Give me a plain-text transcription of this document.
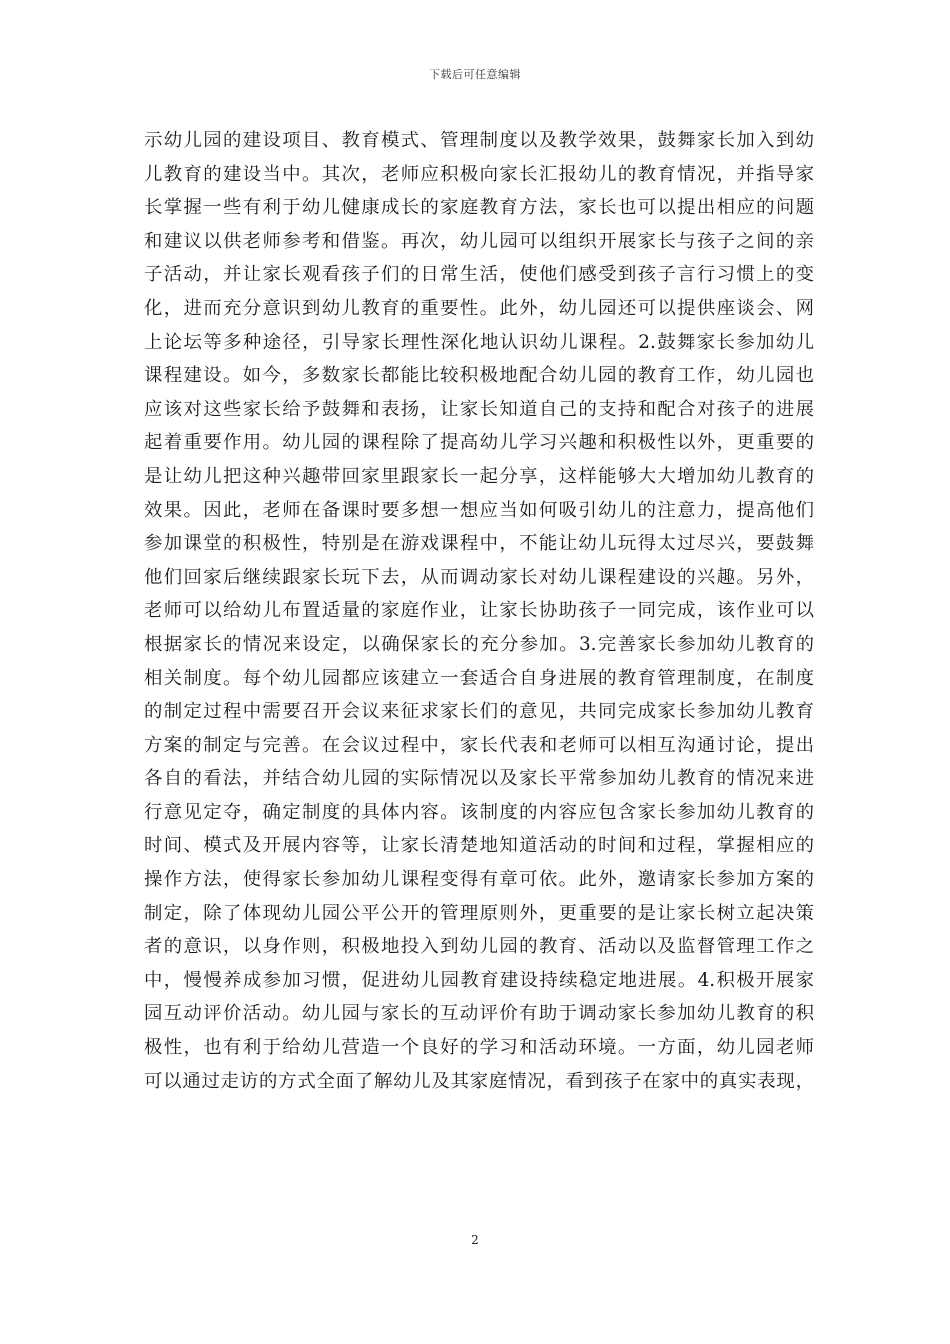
下载后可任意编辑
示幼儿园的建设项目、教育模式、管理制度以及教学效果，鼓舞家长加入到幼
儿教育的建设当中。其次，老师应积极向家长汇报幼儿的教育情况，并指导家
长掌握一些有利于幼儿健康成长的家庭教育方法，家长也可以提出相应的问题
和建议以供老师参考和借鉴。再次，幼儿园可以组织开展家长与孩子之间的亲
子活动，并让家长观看孩子们的日常生活，使他们感受到孩子言行习惯上的变
化，进而充分意识到幼儿教育的重要性。此外，幼儿园还可以提供座谈会、网
上论坛等多种途径，引导家长理性深化地认识幼儿课程。2.鼓舞家长参加幼儿
课程建设。如今，多数家长都能比较积极地配合幼儿园的教育工作，幼儿园也
应该对这些家长给予鼓舞和表扬，让家长知道自己的支持和配合对孩子的进展
起着重要作用。幼儿园的课程除了提高幼儿学习兴趣和积极性以外，更重要的
是让幼儿把这种兴趣带回家里跟家长一起分享，这样能够大大增加幼儿教育的
效果。因此，老师在备课时要多想一想应当如何吸引幼儿的注意力，提高他们
参加课堂的积极性，特别是在游戏课程中，不能让幼儿玩得太过尽兴，要鼓舞
他们回家后继续跟家长玩下去，从而调动家长对幼儿课程建设的兴趣。另外，
老师可以给幼儿布置适量的家庭作业，让家长协助孩子一同完成，该作业可以
根据家长的情况来设定，以确保家长的充分参加。3.完善家长参加幼儿教育的
相关制度。每个幼儿园都应该建立一套适合自身进展的教育管理制度，在制度
的制定过程中需要召开会议来征求家长们的意见，共同完成家长参加幼儿教育
方案的制定与完善。在会议过程中，家长代表和老师可以相互沟通讨论，提出
各自的看法，并结合幼儿园的实际情况以及家长平常参加幼儿教育的情况来进
行意见定夺，确定制度的具体内容。该制度的内容应包含家长参加幼儿教育的
时间、模式及开展内容等，让家长清楚地知道活动的时间和过程，掌握相应的
操作方法，使得家长参加幼儿课程变得有章可依。此外，邀请家长参加方案的
制定，除了体现幼儿园公平公开的管理原则外，更重要的是让家长树立起决策
者的意识，以身作则，积极地投入到幼儿园的教育、活动以及监督管理工作之
中，慢慢养成参加习惯，促进幼儿园教育建设持续稳定地进展。4.积极开展家
园互动评价活动。幼儿园与家长的互动评价有助于调动家长参加幼儿教育的积
极性，也有利于给幼儿营造一个良好的学习和活动环境。一方面，幼儿园老师
可以通过走访的方式全面了解幼儿及其家庭情况，看到孩子在家中的真实表现，
2
